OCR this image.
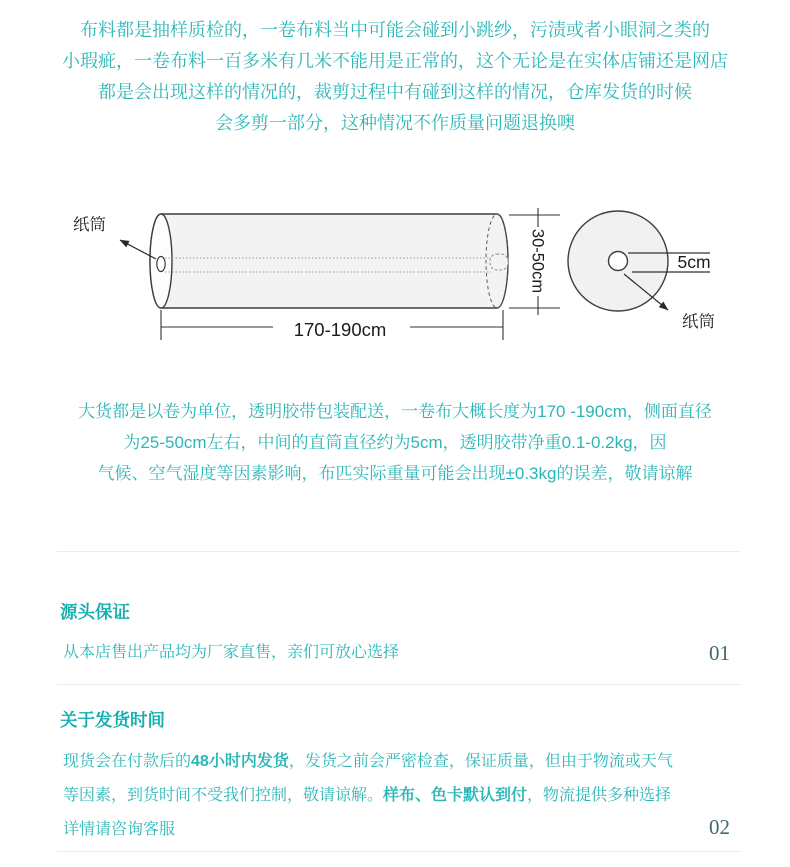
布料都是抽样质检的，一卷布料当中可能会碰到小跳纱，污渍或者小眼洞之类的
小瑕疵，一卷布料一百多米有几米不能用是正常的，这个无论是在实体店铺还是网店
都是会出现这样的情况的，裁剪过程中有碰到这样的情况，仓库发货的时候
会多剪一部分，这种情况不作质量问题退换噢

纸筒
170-190cm
30-50cm	5cm
纸筒

大货都是以卷为单位，透明胶带包装配送，一卷布大概长度为170 -190cm，侧面直径
为25-50cm左右，中间的直筒直径约为5cm，透明胶带净重0.1-0.2kg，因
气候、空气湿度等因素影响，布匹实际重量可能会出现±0.3kg的误差，敬请谅解

源头保证
从本店售出产品均为厂家直售，亲们可放心选择	01
关于发货时间

现货会在付款后的48小时内发货，发货之前会严密检查，保证质量，但由于物流或天气

等因素，到货时间不受我们控制，敬请谅解。样布、色卡默认到付，物流提供多种选择

详情请咨询客服	02
